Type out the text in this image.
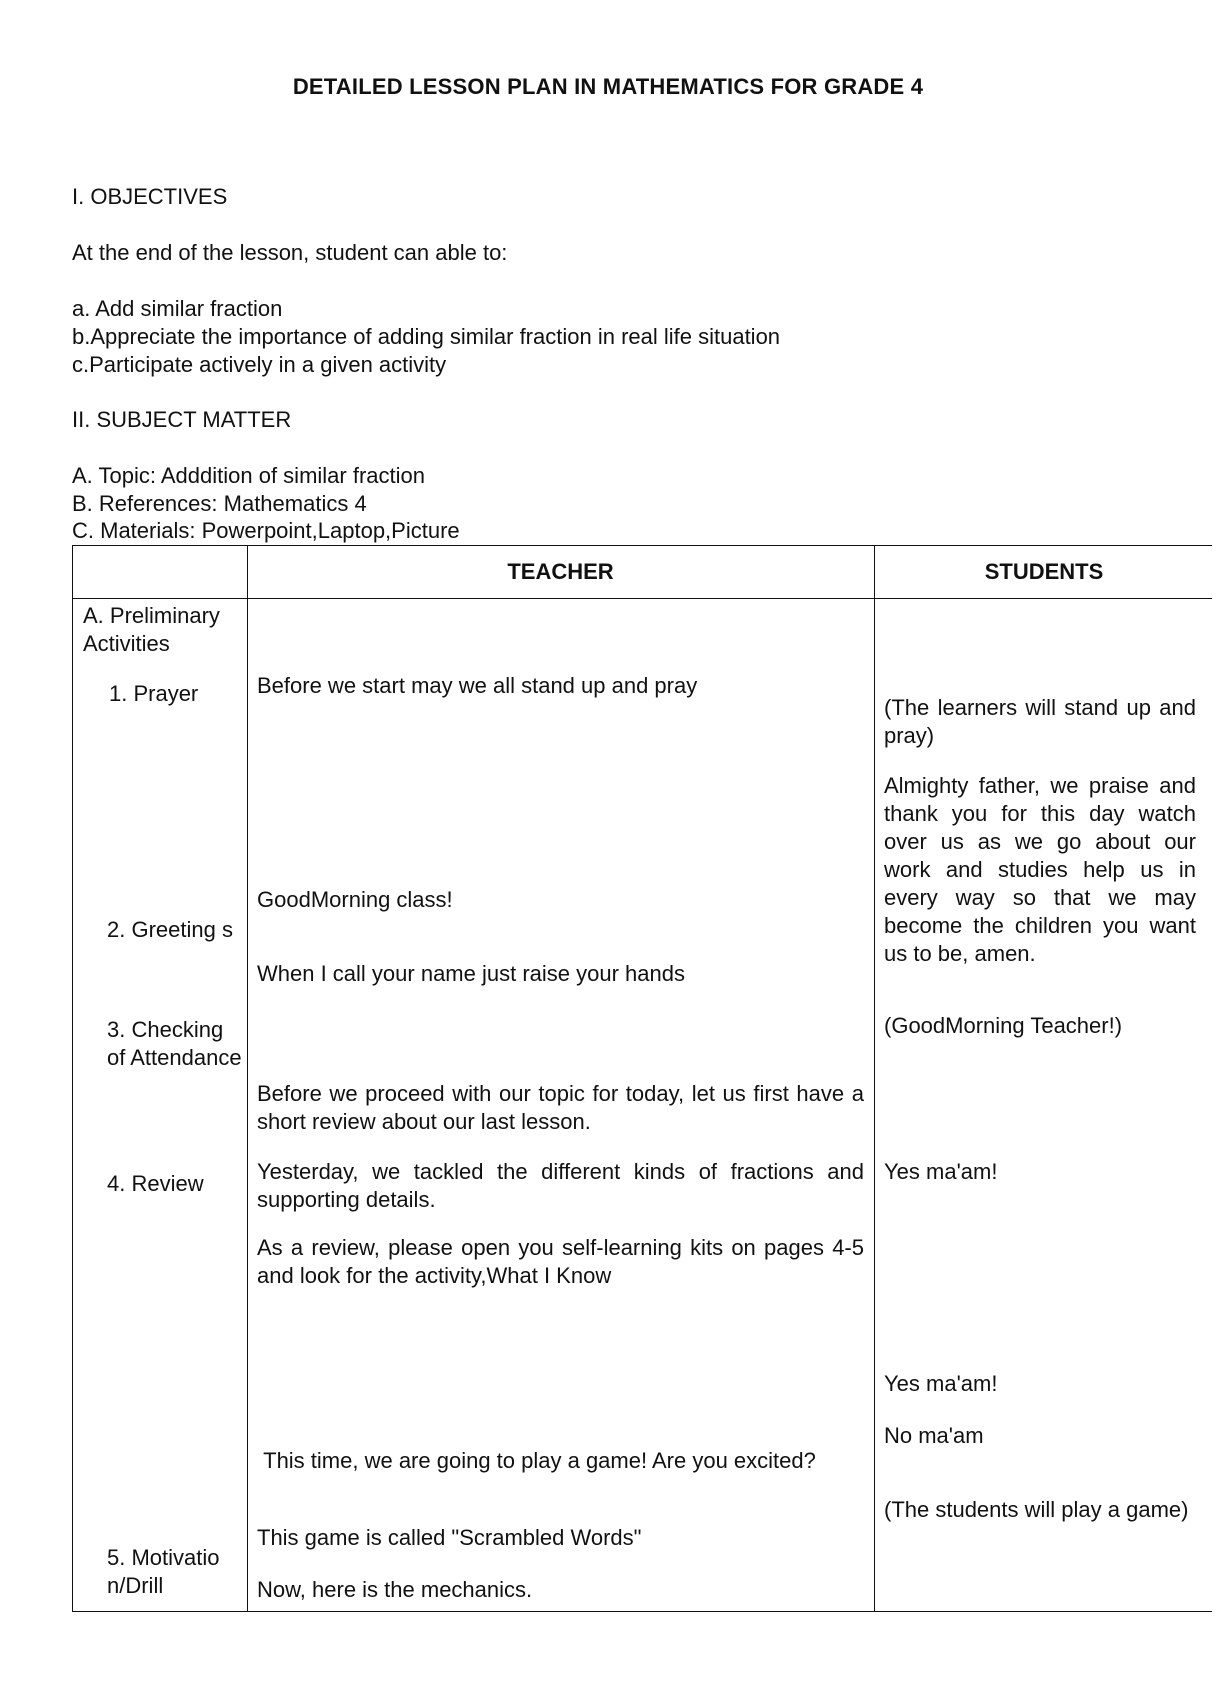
DETAILED LESSON PLAN IN MATHEMATICS FOR GRADE 4
I. OBJECTIVES
At the end of the lesson, student can able to:
a. Add similar fraction
b.Appreciate the importance of adding similar fraction in real life situation
c.Participate actively in a given activity
II. SUBJECT MATTER
A. Topic: Adddition of similar fraction
B. References: Mathematics 4
C. Materials: Powerpoint,Laptop,Picture
TEACHER	STUDENTS
A. Preliminary Activities
1. Prayer
2. Greeting s
3. Checking of Attendance
4. Review
5. Motivatio n/Drill
Before we start may we all stand up and pray
GoodMorning class!
When I call your name just raise your hands
Before we proceed with our topic for today, let us first have a short review about our last lesson.
Yesterday, we tackled the different kinds of fractions and supporting details.
As a review, please open you self-learning kits on pages 4-5 and look for the activity,What I Know
This time, we are going to play a game! Are you excited?
This game is called "Scrambled Words"
Now, here is the mechanics.
(The learners will stand up and pray)
Almighty father, we praise and thank you for this day watch over us as we go about our work and studies help us in every way so that we may become the children you want us to be, amen.
(GoodMorning Teacher!)
Yes ma'am!
Yes ma'am!
No ma'am
(The students will play a game)
